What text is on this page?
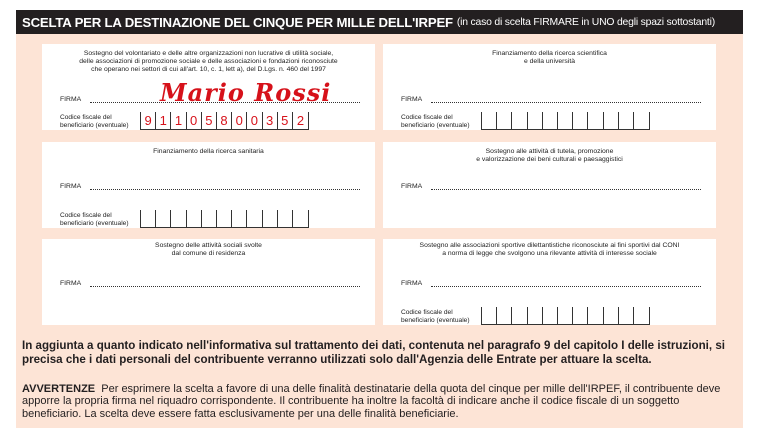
SCELTA PER LA DESTINAZIONE DEL CINQUE PER MILLE DELL'IRPEF (in caso di scelta FIRMARE in UNO degli spazi sottostanti)
Sostegno del volontariato e delle altre organizzazioni non lucrative di utilità sociale,
delle associazioni di promozione sociale e delle associazioni e fondazioni riconosciute
che operano nei settori di cui all'art. 10, c. 1, lett a), del D.Lgs. n. 460 del 1997
FIRMA	Mario Rossi
Codice fiscale del
beneficiario (eventuale) 9 1 1 0 5 8 0 0 3 5 2
Finanziamento della ricerca scientifica
e della università
FIRMA
Codice fiscale del
beneficiario (eventuale)
Finanziamento della ricerca sanitaria
FIRMA
Codice fiscale del
beneficiario (eventuale)
Sostegno alle attività di tutela, promozione
e valorizzazione dei beni culturali e paesaggistici
FIRMA
Sostegno delle attività sociali svolte
dal comune di residenza
FIRMA
Sostegno alle associazioni sportive dilettantistiche riconosciute ai fini sportivi dal CONI
a norma di legge che svolgono una rilevante attività di interesse sociale
FIRMA
Codice fiscale del
beneficiario (eventuale)
In aggiunta a quanto indicato nell'informativa sul trattamento dei dati, contenuta nel paragrafo 9 del capitolo I delle istruzioni, si precisa che i dati personali del contribuente verranno utilizzati solo dall'Agenzia delle Entrate per attuare la scelta.
AVVERTENZE Per esprimere la scelta a favore di una delle finalità destinatarie della quota del cinque per mille dell'IRPEF, il contribuente deve apporre la propria firma nel riquadro corrispondente. Il contribuente ha inoltre la facoltà di indicare anche il codice fiscale di un soggetto beneficiario. La scelta deve essere fatta esclusivamente per una delle finalità beneficiarie.
